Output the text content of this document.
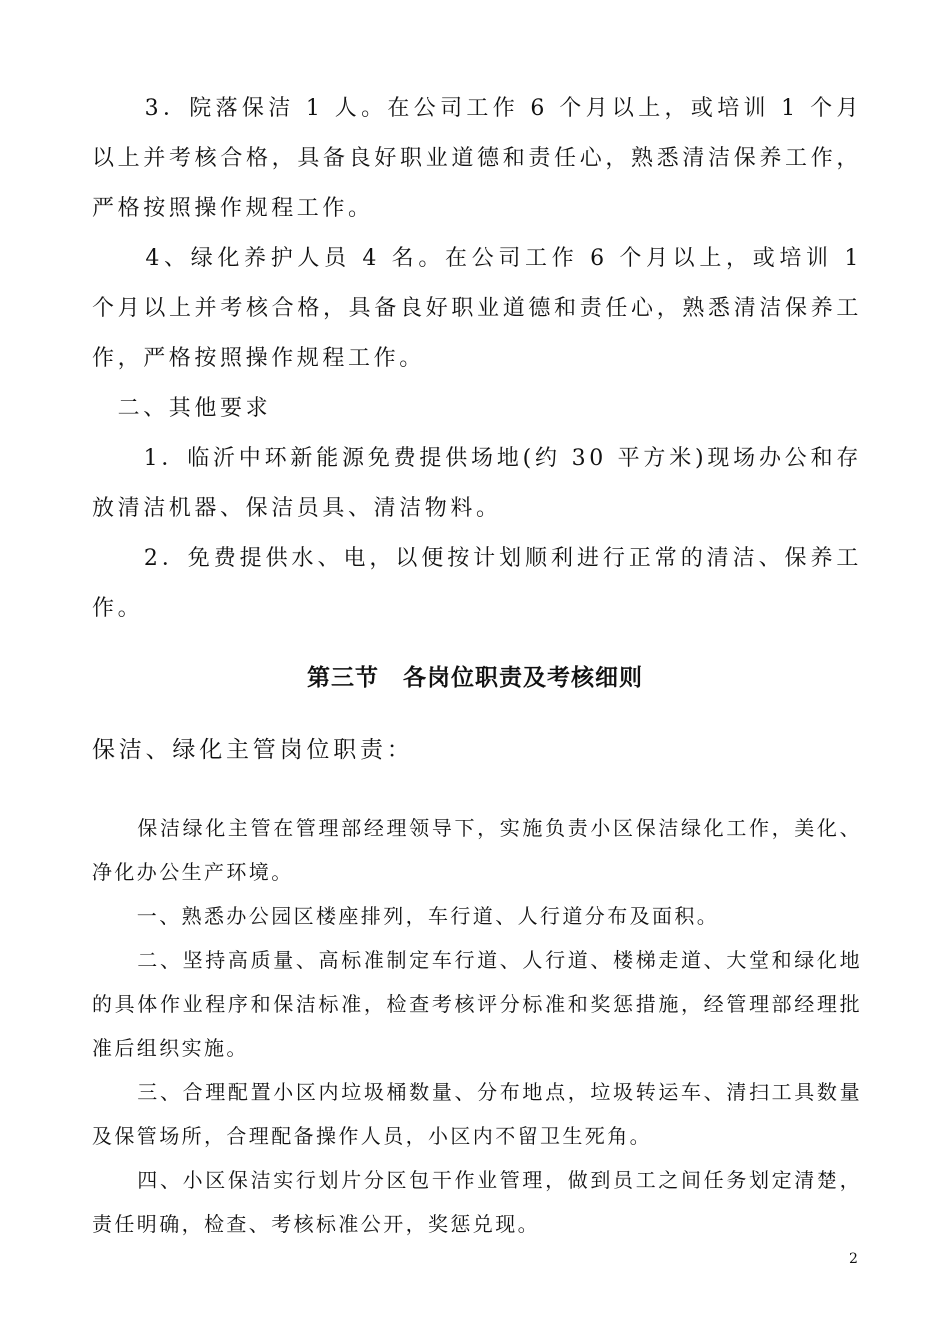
　　3．院落保洁 1 人。在公司工作 6 个月以上，或培训 1 个月以上并考核合格，具备良好职业道德和责任心，熟悉清洁保养工作，严格按照操作规程工作。

　　4、绿化养护人员 4 名。在公司工作 6 个月以上，或培训 1 个月以上并考核合格，具备良好职业道德和责任心，熟悉清洁保养工作，严格按照操作规程工作。

　二、其他要求

　　1．临沂中环新能源免费提供场地(约 30 平方米)现场办公和存放清洁机器、保洁员具、清洁物料。

　　2．免费提供水、电，以便按计划顺利进行正常的清洁、保养工作。

第三节　各岗位职责及考核细则

保洁、绿化主管岗位职责：

　　保洁绿化主管在管理部经理领导下，实施负责小区保洁绿化工作，美化、净化办公生产环境。

　　一、熟悉办公园区楼座排列，车行道、人行道分布及面积。

　　二、坚持高质量、高标准制定车行道、人行道、楼梯走道、大堂和绿化地的具体作业程序和保洁标准，检查考核评分标准和奖惩措施，经管理部经理批准后组织实施。

　　三、合理配置小区内垃圾桶数量、分布地点，垃圾转运车、清扫工具数量及保管场所，合理配备操作人员，小区内不留卫生死角。

　　四、小区保洁实行划片分区包干作业管理，做到员工之间任务划定清楚，责任明确，检查、考核标准公开，奖惩兑现。

2
